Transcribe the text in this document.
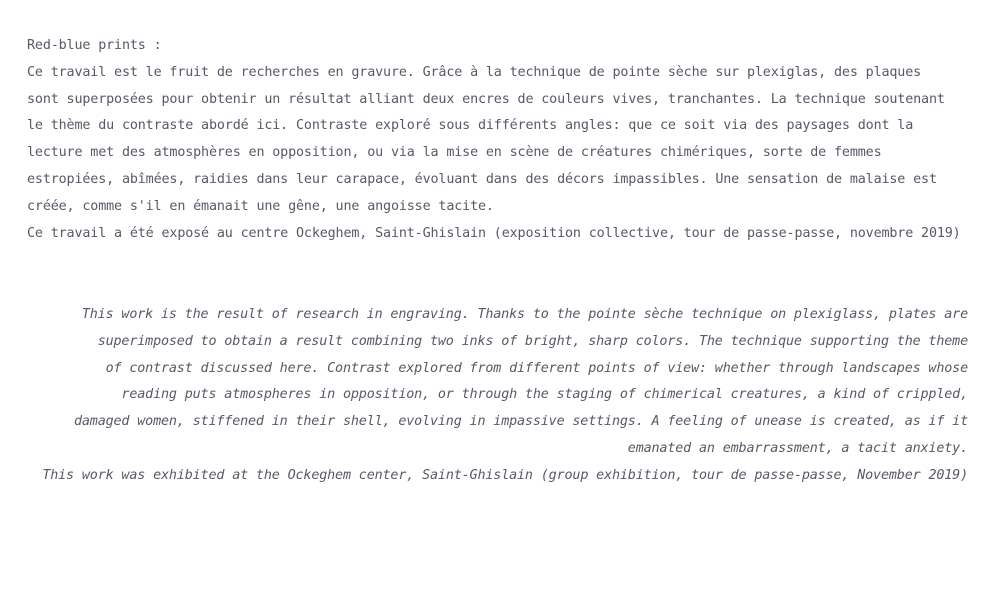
Red-blue prints :
Ce travail est le fruit de recherches en gravure. Grâce à la technique de pointe sèche sur plexiglas, des plaques
sont superposées pour obtenir un résultat alliant deux encres de couleurs vives, tranchantes. La technique soutenant
le thème du contraste abordé ici. Contraste exploré sous différents angles: que ce soit via des paysages dont la
lecture met des atmosphères en opposition, ou via la mise en scène de créatures chimériques, sorte de femmes
estropiées, abîmées, raidies dans leur carapace, évoluant dans des décors impassibles. Une sensation de malaise est
créée, comme s'il en émanait une gêne, une angoisse tacite.
Ce travail a été exposé au centre Ockeghem, Saint-Ghislain (exposition collective, tour de passe-passe, novembre 2019)
This work is the result of research in engraving. Thanks to the pointe sèche technique on plexiglass, plates are
superimposed to obtain a result combining two inks of bright, sharp colors. The technique supporting the theme
of contrast discussed here. Contrast explored from different points of view: whether through landscapes whose
reading puts atmospheres in opposition, or through the staging of chimerical creatures, a kind of crippled,
damaged women, stiffened in their shell, evolving in impassive settings. A feeling of unease is created, as if it
emanated an embarrassment, a tacit anxiety.
This work was exhibited at the Ockeghem center, Saint-Ghislain (group exhibition, tour de passe-passe, November 2019)
